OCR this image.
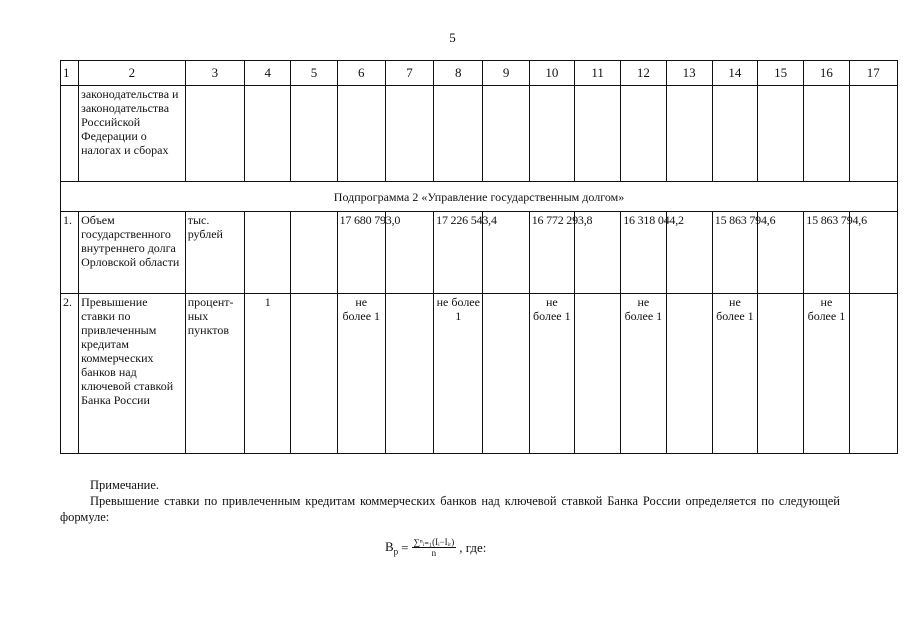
5
1	2	3	4	5	6	7	8	9	10	11	12	13	14	15	16	17
	законодательства и законодательства Российской Федерации о налогах и сборах															
Подпрограмма 2 «Управление государственным долгом»																
1.	Объем государственного внутреннего долга Орловской области	тыс. рублей			17 680 793,0		17 226 543,4		16 772 293,8		16 318 044,2		15 863 794,6		15 863 794,6	
2.	Превышение ставки по привлеченным кредитам коммерческих банков над ключевой ставкой Банка России	процент-ных пунктов	1		не более 1		не более 1		не более 1		не более 1		не более 1		не более 1	
Примечание.
Превышение ставки по привлеченным кредитам коммерческих банков над ключевой ставкой Банка России определяется по следующей формуле:
$B_p = \frac{\text{∑ⁿᵢ₌₁(Iᵢ−Iᵢᵣ)}}{n}$ , где:
